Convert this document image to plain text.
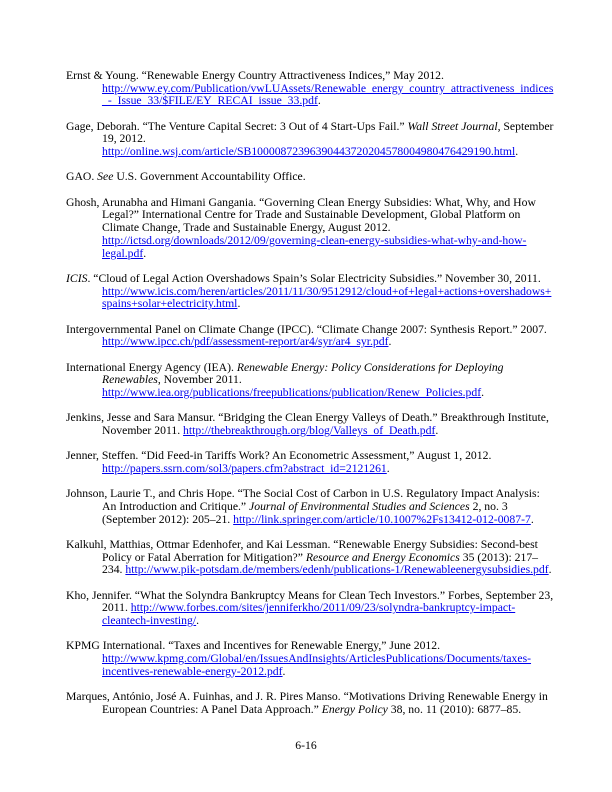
Ernst & Young. “Renewable Energy Country Attractiveness Indices,” May 2012. http://www.ey.com/Publication/vwLUAssets/Renewable_energy_country_attractiveness_indices_-_Issue_33/$FILE/EY_RECAI_issue_33.pdf.

Gage, Deborah. “The Venture Capital Secret: 3 Out of 4 Start-Ups Fail.” Wall Street Journal, September 19, 2012. http://online.wsj.com/article/SB10000872396390443720204578004980476429190.html.

GAO. See U.S. Government Accountability Office.

Ghosh, Arunabha and Himani Gangania. “Governing Clean Energy Subsidies: What, Why, and How Legal?” International Centre for Trade and Sustainable Development, Global Platform on Climate Change, Trade and Sustainable Energy, August 2012. http://ictsd.org/downloads/2012/09/governing-clean-energy-subsidies-what-why-and-how-legal.pdf.

ICIS. “Cloud of Legal Action Overshadows Spain’s Solar Electricity Subsidies.” November 30, 2011. http://www.icis.com/heren/articles/2011/11/30/9512912/cloud+of+legal+actions+overshadows+spains+solar+electricity.html.

Intergovernmental Panel on Climate Change (IPCC). “Climate Change 2007: Synthesis Report.” 2007. http://www.ipcc.ch/pdf/assessment-report/ar4/syr/ar4_syr.pdf.

International Energy Agency (IEA). Renewable Energy: Policy Considerations for Deploying Renewables, November 2011. http://www.iea.org/publications/freepublications/publication/Renew_Policies.pdf.

Jenkins, Jesse and Sara Mansur. “Bridging the Clean Energy Valleys of Death.” Breakthrough Institute, November 2011. http://thebreakthrough.org/blog/Valleys_of_Death.pdf.

Jenner, Steffen. “Did Feed-in Tariffs Work? An Econometric Assessment,” August 1, 2012. http://papers.ssrn.com/sol3/papers.cfm?abstract_id=2121261.

Johnson, Laurie T., and Chris Hope. “The Social Cost of Carbon in U.S. Regulatory Impact Analysis: An Introduction and Critique.” Journal of Environmental Studies and Sciences 2, no. 3 (September 2012): 205–21. http://link.springer.com/article/10.1007%2Fs13412-012-0087-7.

Kalkuhl, Matthias, Ottmar Edenhofer, and Kai Lessman. “Renewable Energy Subsidies: Second-best Policy or Fatal Aberration for Mitigation?” Resource and Energy Economics 35 (2013): 217–234. http://www.pik-potsdam.de/members/edenh/publications-1/Renewableenergysubsidies.pdf.

Kho, Jennifer. “What the Solyndra Bankruptcy Means for Clean Tech Investors.” Forbes, September 23, 2011. http://www.forbes.com/sites/jenniferkho/2011/09/23/solyndra-bankruptcy-impact-cleantech-investing/.

KPMG International. “Taxes and Incentives for Renewable Energy,” June 2012. http://www.kpmg.com/Global/en/IssuesAndInsights/ArticlesPublications/Documents/taxes-incentives-renewable-energy-2012.pdf.

Marques, António, José A. Fuinhas, and J. R. Pires Manso. “Motivations Driving Renewable Energy in European Countries: A Panel Data Approach.” Energy Policy 38, no. 11 (2010): 6877–85.

6-16
